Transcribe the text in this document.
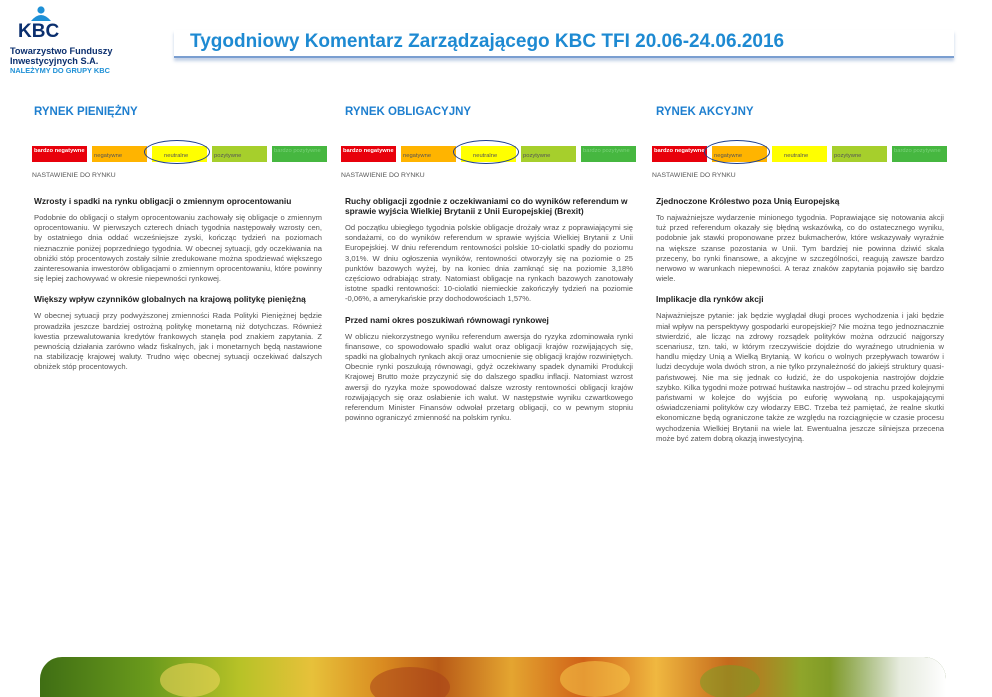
KBC
Towarzystwo Funduszy
Inwestycyjnych S.A.
NALEŻYMY DO GRUPY KBC
Tygodniowy Komentarz Zarządzającego KBC TFI 20.06-24.06.2016
RYNEK PIENIĘŻNY
bardzo negatywne
negatywne	neutralne	pozytywne
bardzo pozytywne
NASTAWIENIE DO RYNKU
Wzrosty i spadki na rynku obligacji o zmiennym oprocentowaniu
Podobnie do obligacji o stałym oprocentowaniu zachowały się obligacje o zmiennym oprocentowaniu. W pierwszych czterech dniach tygodnia następowały wzrosty cen, by ostatniego dnia oddać wcześniejsze zyski, kończąc tydzień na poziomach nieznacznie poniżej poprzedniego tygodnia. W obecnej sytuacji, gdy oczekiwania na obniżki stóp procentowych zostały silnie zredukowane można spodziewać większego zainteresowania inwestorów obligacjami o zmiennym oprocentowaniu, które powinny się lepiej zachowywać w okresie niepewności rynkowej.
Większy wpływ czynników globalnych na krajową politykę pieniężną
W obecnej sytuacji przy podwyższonej zmienności Rada Polityki Pieniężnej będzie prowadziła jeszcze bardziej ostrożną politykę monetarną niż dotychczas. Również kwestia przewalutowania kredytów frankowych stanęła pod znakiem zapytania. Z pewnością działania zarówno władz fiskalnych, jak i monetarnych będą nastawione na stabilizację krajowej waluty. Trudno więc obecnej sytuacji oczekiwać dalszych obniżek stóp procentowych.
RYNEK OBLIGACYJNY
bardzo negatywne
negatywne	neutralne	pozytywne
bardzo pozytywne
NASTAWIENIE DO RYNKU
Ruchy obligacji zgodnie z oczekiwaniami co do wyników referendum w sprawie wyjścia Wielkiej Brytanii z Unii Europejskiej (Brexit)
Od początku ubiegłego tygodnia polskie obligacje drożały wraz z poprawiającymi się sondażami, co do wyników referendum w sprawie wyjścia Wielkiej Brytanii z Unii Europejskiej. W dniu referendum rentowności polskie 10-ciolatki spadły do poziomu 3,01%. W dniu ogłoszenia wyników, rentowności otworzyły się na poziomie o 25 punktów bazowych wyżej, by na koniec dnia zamknąć się na poziomie 3,18% częściowo odrabiając straty. Natomiast obligacje na rynkach bazowych zanotowały istotne spadki rentowności: 10-ciolatki niemieckie zakończyły tydzień na poziomie -0,06%, a amerykańskie przy dochodowościach 1,57%.
Przed nami okres poszukiwań równowagi rynkowej
W obliczu niekorzystnego wyniku referendum awersja do ryzyka zdominowała rynki finansowe, co spowodowało spadki walut oraz obligacji krajów rozwijających się, spadki na globalnych rynkach akcji oraz umocnienie się obligacji krajów rozwiniętych. Obecnie rynki poszukują równowagi, gdyż oczekiwany spadek dynamiki Produkcji Krajowej Brutto może przyczynić się do dalszego spadku inflacji. Natomiast wzrost awersji do ryzyka może spowodować dalsze wzrosty rentowności obligacji krajów rozwijających się oraz osłabienie ich walut. W następstwie wyniku czwartkowego referendum Minister Finansów odwołał przetarg obligacji, co w pewnym stopniu powinno ograniczyć zmienność na polskim rynku.
RYNEK AKCYJNY
bardzo negatywne
negatywne	neutralne	pozytywne
bardzo pozytywne
NASTAWIENIE DO RYNKU
Zjednoczone Królestwo poza Unią Europejską
To najważniejsze wydarzenie minionego tygodnia. Poprawiające się notowania akcji tuż przed referendum okazały się błędną wskazówką, co do ostatecznego wyniku, podobnie jak stawki proponowane przez bukmacherów, które wskazywały wyraźnie na większe szanse pozostania w Unii. Tym bardziej nie powinna dziwić skala przeceny, bo rynki finansowe, a akcyjne w szczególności, reagują zawsze bardzo nerwowo w warunkach niepewności. A teraz znaków zapytania pojawiło się bardzo wiele.
Implikacje dla rynków akcji
Najważniejsze pytanie: jak będzie wyglądał długi proces wychodzenia i jaki będzie miał wpływ na perspektywy gospodarki europejskiej? Nie można tego jednoznacznie stwierdzić, ale licząc na zdrowy rozsądek polityków można odrzucić najgorszy scenariusz, tzn. taki, w którym rzeczywiście dojdzie do wyraźnego utrudnienia w handlu między Unią a Wielką Brytanią. W końcu o wolnych przepływach towarów i ludzi decyduje wola dwóch stron, a nie tylko przynależność do jakiejś struktury quasi-państwowej. Nie ma się jednak co łudzić, że do uspokojenia nastrojów dojdzie szybko. Kilka tygodni może potrwać huśtawka nastrojów – od strachu przed kolejnymi państwami w kolejce do wyjścia po euforię wywołaną np. uspokajającymi oświadczeniami polityków czy włodarzy EBC. Trzeba też pamiętać, że realne skutki ekonomiczne będą ograniczone także ze względu na rozciągnięcie w czasie procesu wychodzenia Wielkiej Brytanii na wiele lat. Ewentualna jeszcze silniejsza przecena może być zatem dobrą okazją inwestycyjną.
